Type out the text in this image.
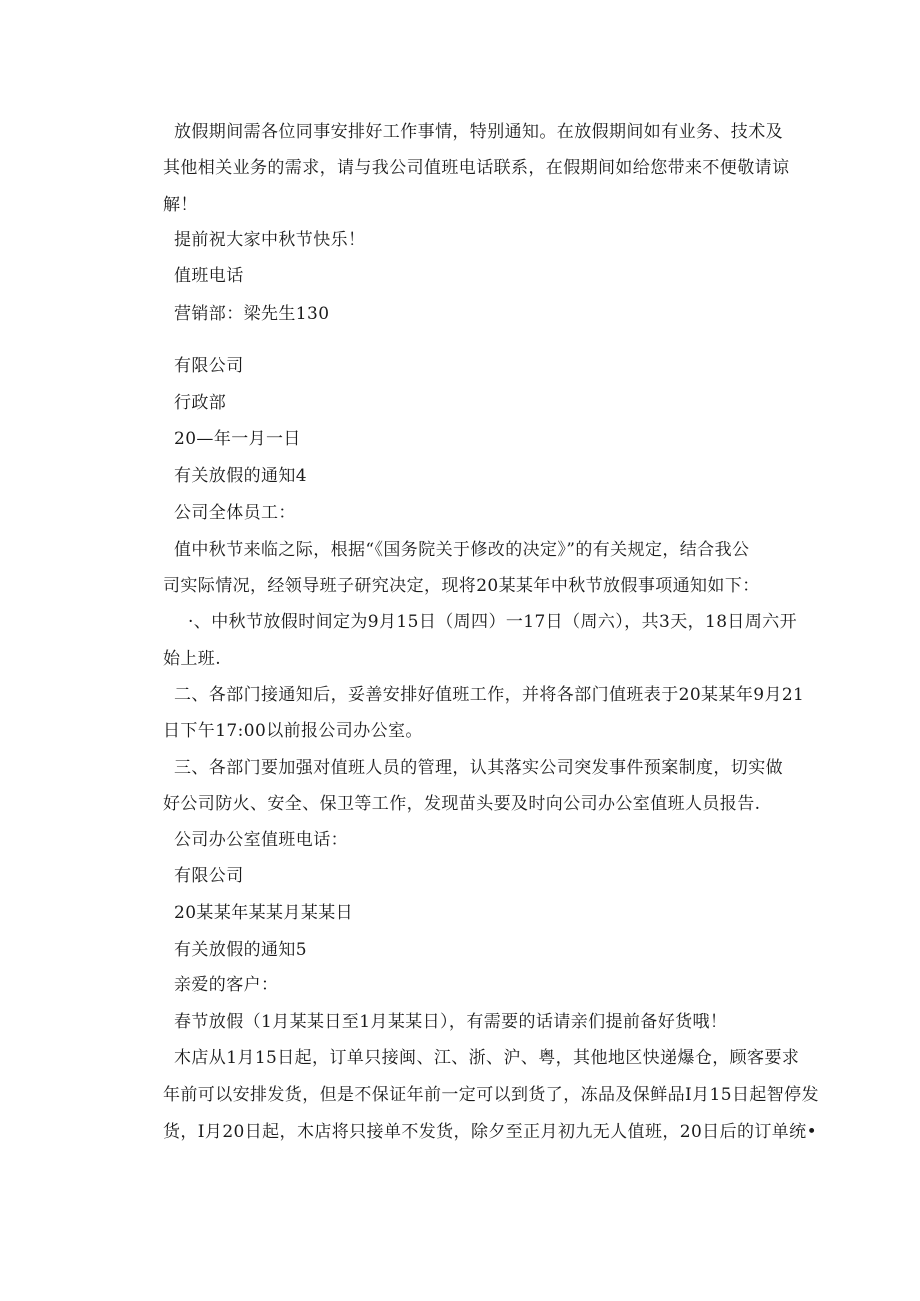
放假期间需各位同事安排好工作事情，特别通知。在放假期间如有业务、技术及
其他相关业务的需求，请与我公司值班电话联系，在假期间如给您带来不便敬请谅
解！
提前祝大家中秋节快乐！
值班电话
营销部：梁先生130
有限公司
行政部
20—年一月一日
有关放假的通知4
公司全体员工：
值中秋节来临之际，根据“《国务院关于修改的决定》”的有关规定，结合我公
司实际情况，经领导班子研究决定，现将20某某年中秋节放假事项通知如下：
·、中秋节放假时间定为9月15日（周四）一17日（周六），共3天，18日周六开
始上班.
二、各部门接通知后，妥善安排好值班工作，并将各部门值班表于20某某年9月21
日下午17:00以前报公司办公室。
三、各部门要加强对值班人员的管理，认其落实公司突发事件预案制度，切实做
好公司防火、安全、保卫等工作，发现苗头要及时向公司办公室值班人员报告.
公司办公室值班电话：
有限公司
20某某年某某月某某日
有关放假的通知5
亲爱的客户：
春节放假（1月某某日至1月某某日），有需要的话请亲们提前备好货哦！
木店从1月15日起，订单只接闽、江、浙、沪、粤，其他地区快递爆仓，顾客要求
年前可以安排发货，但是不保证年前一定可以到货了，冻品及保鲜品I月15日起智停发
货，I月20日起，木店将只接单不发货，除夕至正月初九无人值班，20日后的订单统•
